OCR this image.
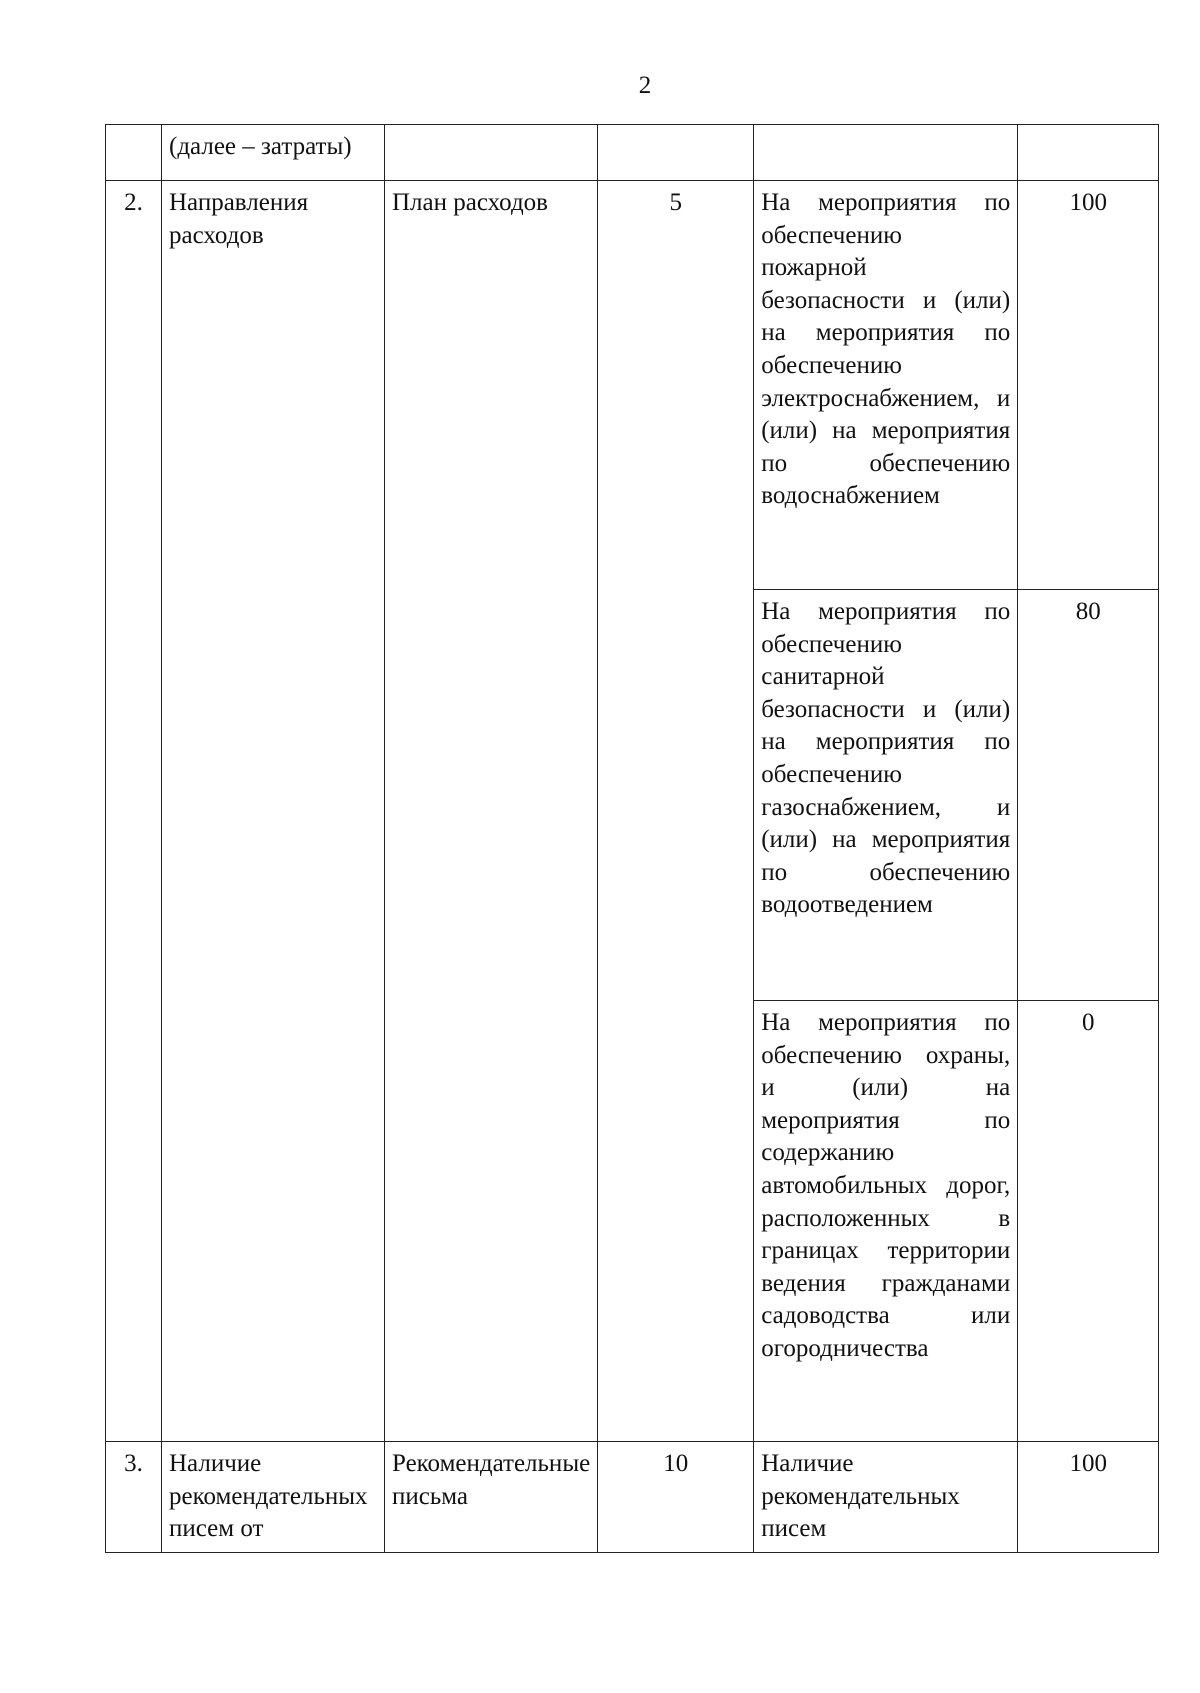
2
	(далее – затраты)				
2.	Направления расходов	План расходов	5	На мероприятия по обеспечению пожарной безопасности и (или) на мероприятия по обеспечению электроснабжением, и (или) на мероприятия по обеспечению водоснабжением	100

				На мероприятия по обеспечению санитарной безопасности и (или) на мероприятия по обеспечению газоснабжением, и (или) на мероприятия по обеспечению водоотведением	80

				На мероприятия по обеспечению охраны, и (или) на мероприятия по содержанию автомобильных дорог, расположенных в границах территории ведения гражданами садоводства или огородничества	0
3.	Наличие рекомендательных писем от	Рекомендательные письма	10	Наличие рекомендательных писем	100
